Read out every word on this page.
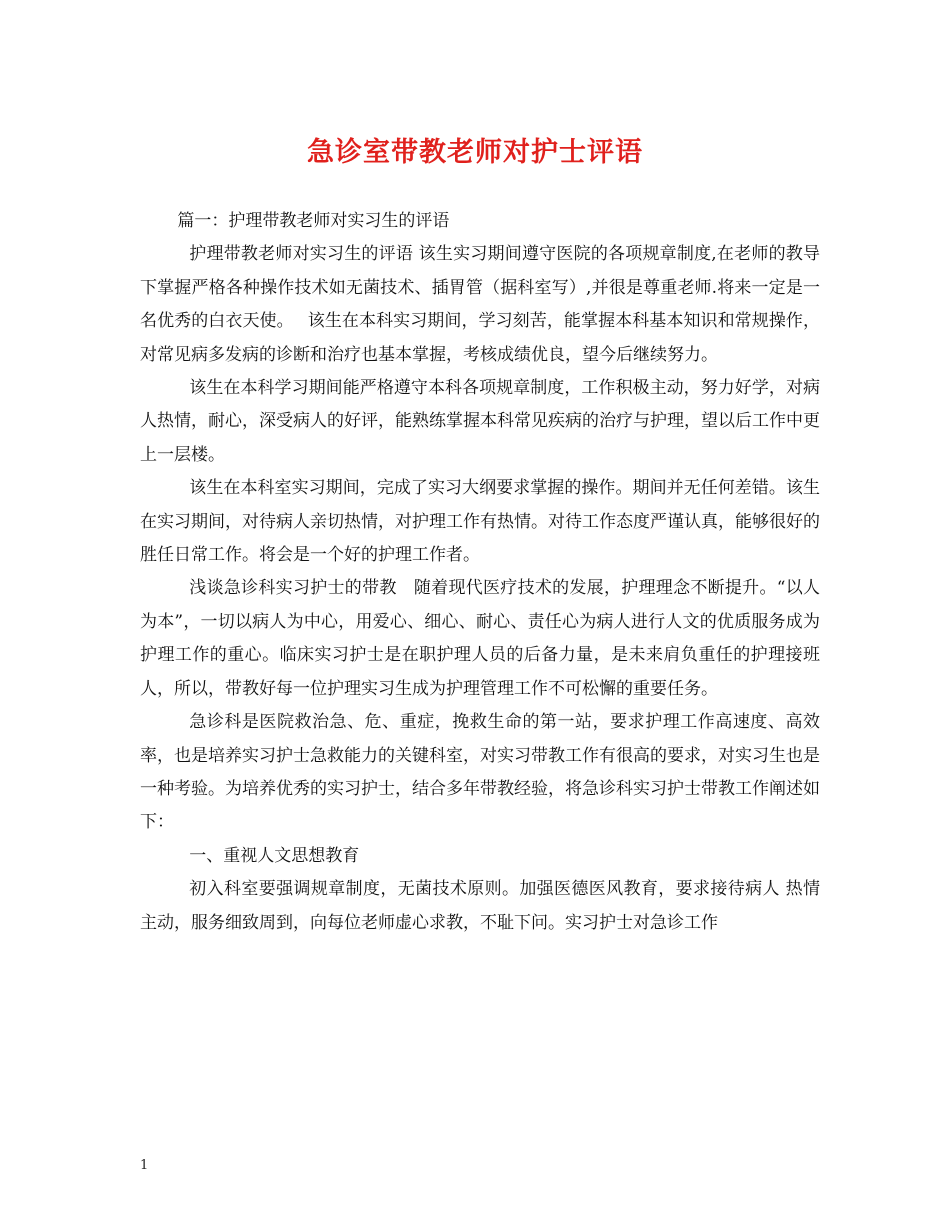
急诊室带教老师对护士评语

篇一：护理带教老师对实习生的评语

护理带教老师对实习生的评语 该生实习期间遵守医院的各项规章制度,在老师的教导下掌握严格各种操作技术如无菌技术、插胃管（据科室写）,并很是尊重老师.将来一定是一名优秀的白衣天使。　 该生在本科实习期间，学习刻苦，能掌握本科基本知识和常规操作，对常见病多发病的诊断和治疗也基本掌握，考核成绩优良，望今后继续努力。

该生在本科学习期间能严格遵守本科各项规章制度，工作积极主动，努力好学，对病人热情，耐心，深受病人的好评，能熟练掌握本科常见疾病的治疗与护理，望以后工作中更上一层楼。

该生在本科室实习期间，完成了实习大纲要求掌握的操作。期间并无任何差错。该生在实习期间，对待病人亲切热情，对护理工作有热情。对待工作态度严谨认真，能够很好的胜任日常工作。将会是一个好的护理工作者。

浅谈急诊科实习护士的带教　随着现代医疗技术的发展，护理理念不断提升。“以人为本”，一切以病人为中心，用爱心、细心、耐心、责任心为病人进行人文的优质服务成为护理工作的重心。临床实习护士是在职护理人员的后备力量，是未来肩负重任的护理接班人，所以，带教好每一位护理实习生成为护理管理工作不可松懈的重要任务。

急诊科是医院救治急、危、重症，挽救生命的第一站，要求护理工作高速度、高效率，也是培养实习护士急救能力的关键科室，对实习带教工作有很高的要求，对实习生也是一种考验。为培养优秀的实习护士，结合多年带教经验，将急诊科实习护士带教工作阐述如下：

一、重视人文思想教育

初入科室要强调规章制度，无菌技术原则。加强医德医风教育，要求接待病人 热情主动，服务细致周到，向每位老师虚心求教，不耻下问。实习护士对急诊工作

1
